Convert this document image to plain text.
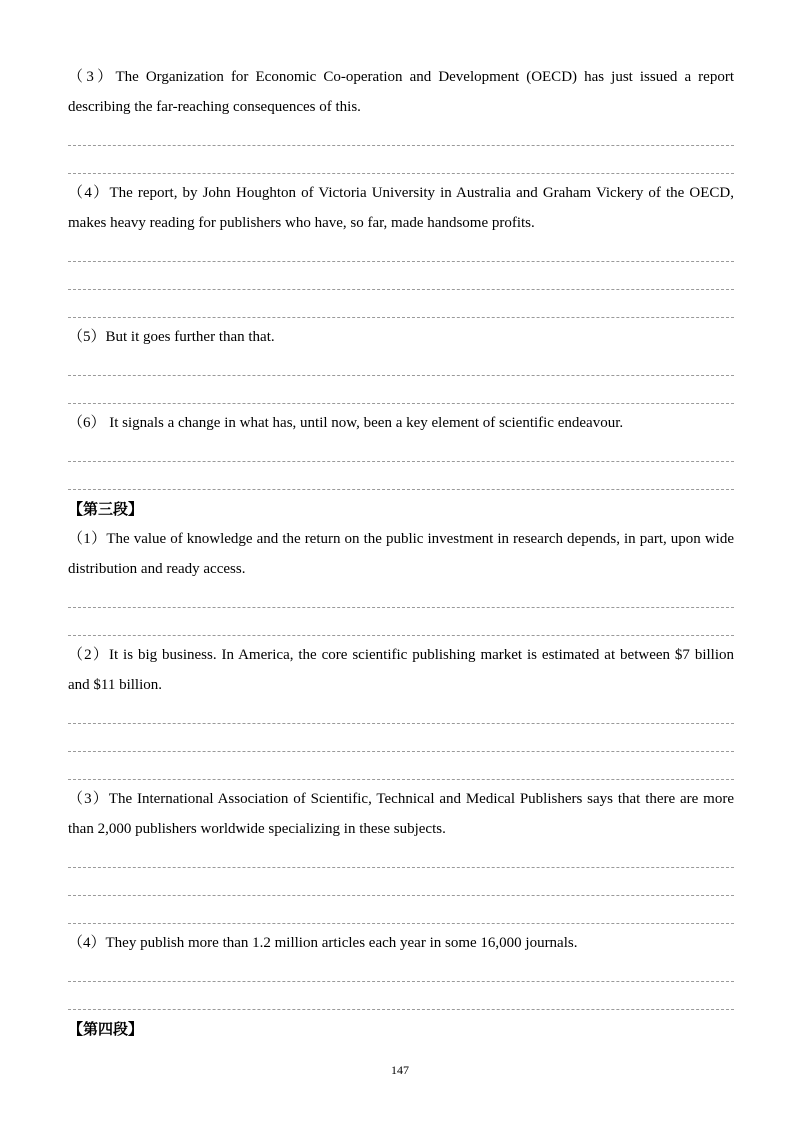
（3）The Organization for Economic Co-operation and Development (OECD) has just issued a report describing the far-reaching consequences of this.

（4）The report, by John Houghton of Victoria University in Australia and Graham Vickery of the OECD, makes heavy reading for publishers who have, so far, made handsome profits.

（5）But it goes further than that.

（6） It signals a change in what has, until now, been a key element of scientific endeavour.

【第三段】

（1）The value of knowledge and the return on the public investment in research depends, in part, upon wide distribution and ready access.

（2）It is big business. In America, the core scientific publishing market is estimated at between $7 billion and $11 billion.

（3）The International Association of Scientific, Technical and Medical Publishers says that there are more than 2,000 publishers worldwide specializing in these subjects.

（4）They publish more than 1.2 million articles each year in some 16,000 journals.

【第四段】

147
